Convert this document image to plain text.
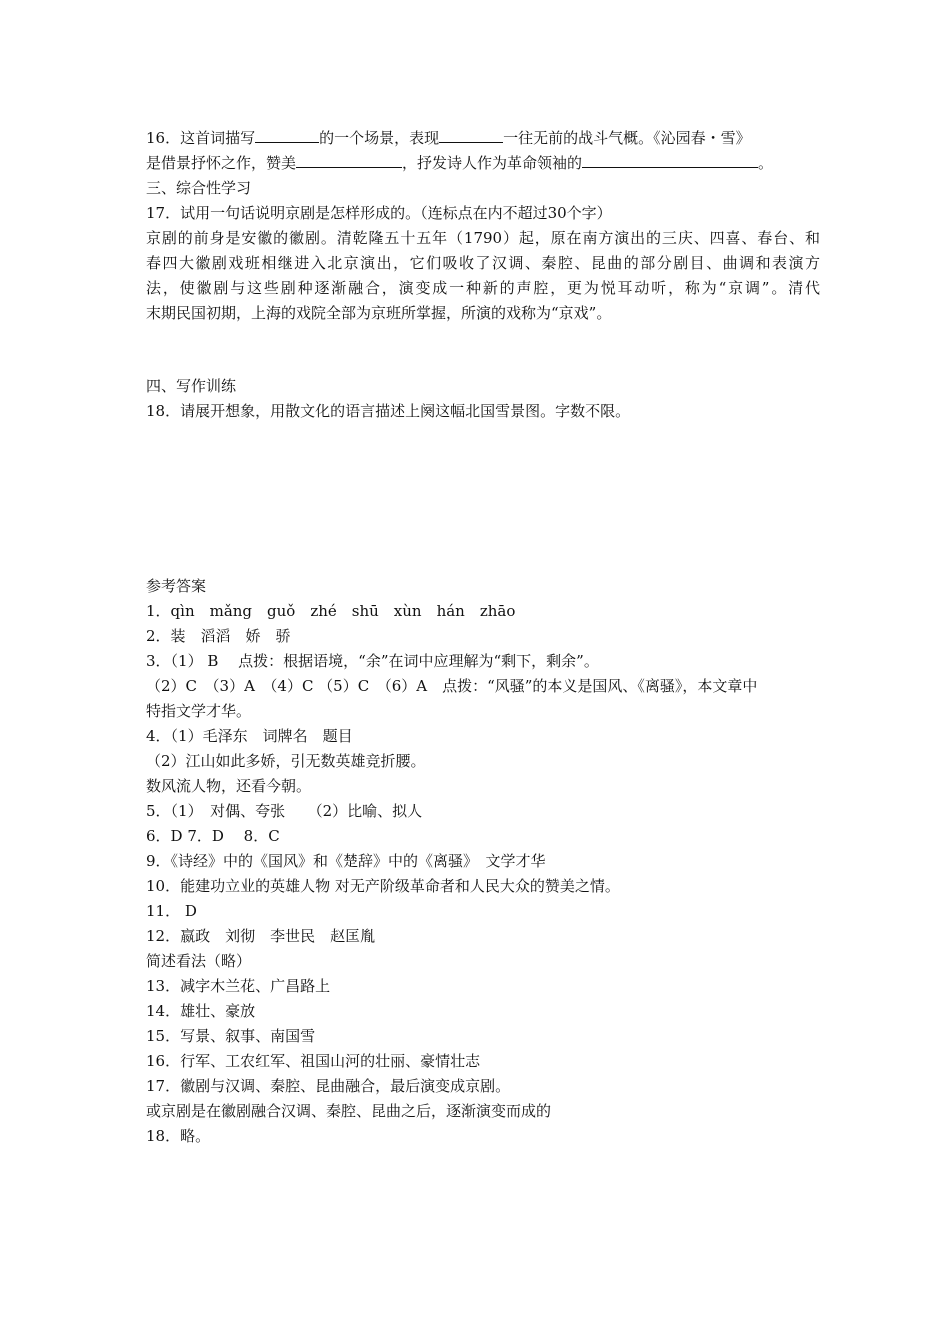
16．这首词描写	的一个场景，表现	一往无前的战斗气概。《沁园春・雪》
是借景抒怀之作，赞美	，抒发诗人作为革命领袖的	。
三、综合性学习
17．试用一句话说明京剧是怎样形成的。（连标点在内不超过30个字）
京剧的前身是安徽的徽剧。清乾隆五十五年（1790）起，原在南方演出的三庆、四喜、春台、和
春四大徽剧戏班相继进入北京演出，它们吸收了汉调、秦腔、昆曲的部分剧目、曲调和表演方
法，使徽剧与这些剧种逐渐融合，演变成一种新的声腔，更为悦耳动听，称为“京调”。清代
末期民国初期，上海的戏院全部为京班所掌握，所演的戏称为“京戏”。
四、写作训练
18．请展开想象，用散文化的语言描述上阕这幅北国雪景图。字数不限。
参考答案
1．qìn　mǎng　guǒ　zhé　shū　xùn　hán　zhāo
2．装　滔滔　娇　骄
3．（1） B　 点拨：根据语境，“余”在词中应理解为“剩下，剩余”。
（2）C　（3）A　（4）C （5）C　（6）A　点拨：“风骚”的本义是国风、《离骚》，本文章中
特指文学才华。
4．（1）毛泽东　词牌名　题目
（2）江山如此多娇，引无数英雄竞折腰。
数风流人物，还看今朝。
5．（1）　对偶、夸张　　（2）比喻、拟人
6．D 7．D　 8．C
9．《诗经》中的《国风》和《楚辞》中的《离骚》　文学才华
10．能建功立业的英雄人物 对无产阶级革命者和人民大众的赞美之情。
11． D
12．嬴政　刘彻　李世民　赵匡胤
简述看法（略）
13．减字木兰花、广昌路上
14．雄壮、豪放
15．写景、叙事、南国雪
16．行军、工农红军、祖国山河的壮丽、豪情壮志
17．徽剧与汉调、秦腔、昆曲融合，最后演变成京剧。
或京剧是在徽剧融合汉调、秦腔、昆曲之后，逐渐演变而成的
18．略。
